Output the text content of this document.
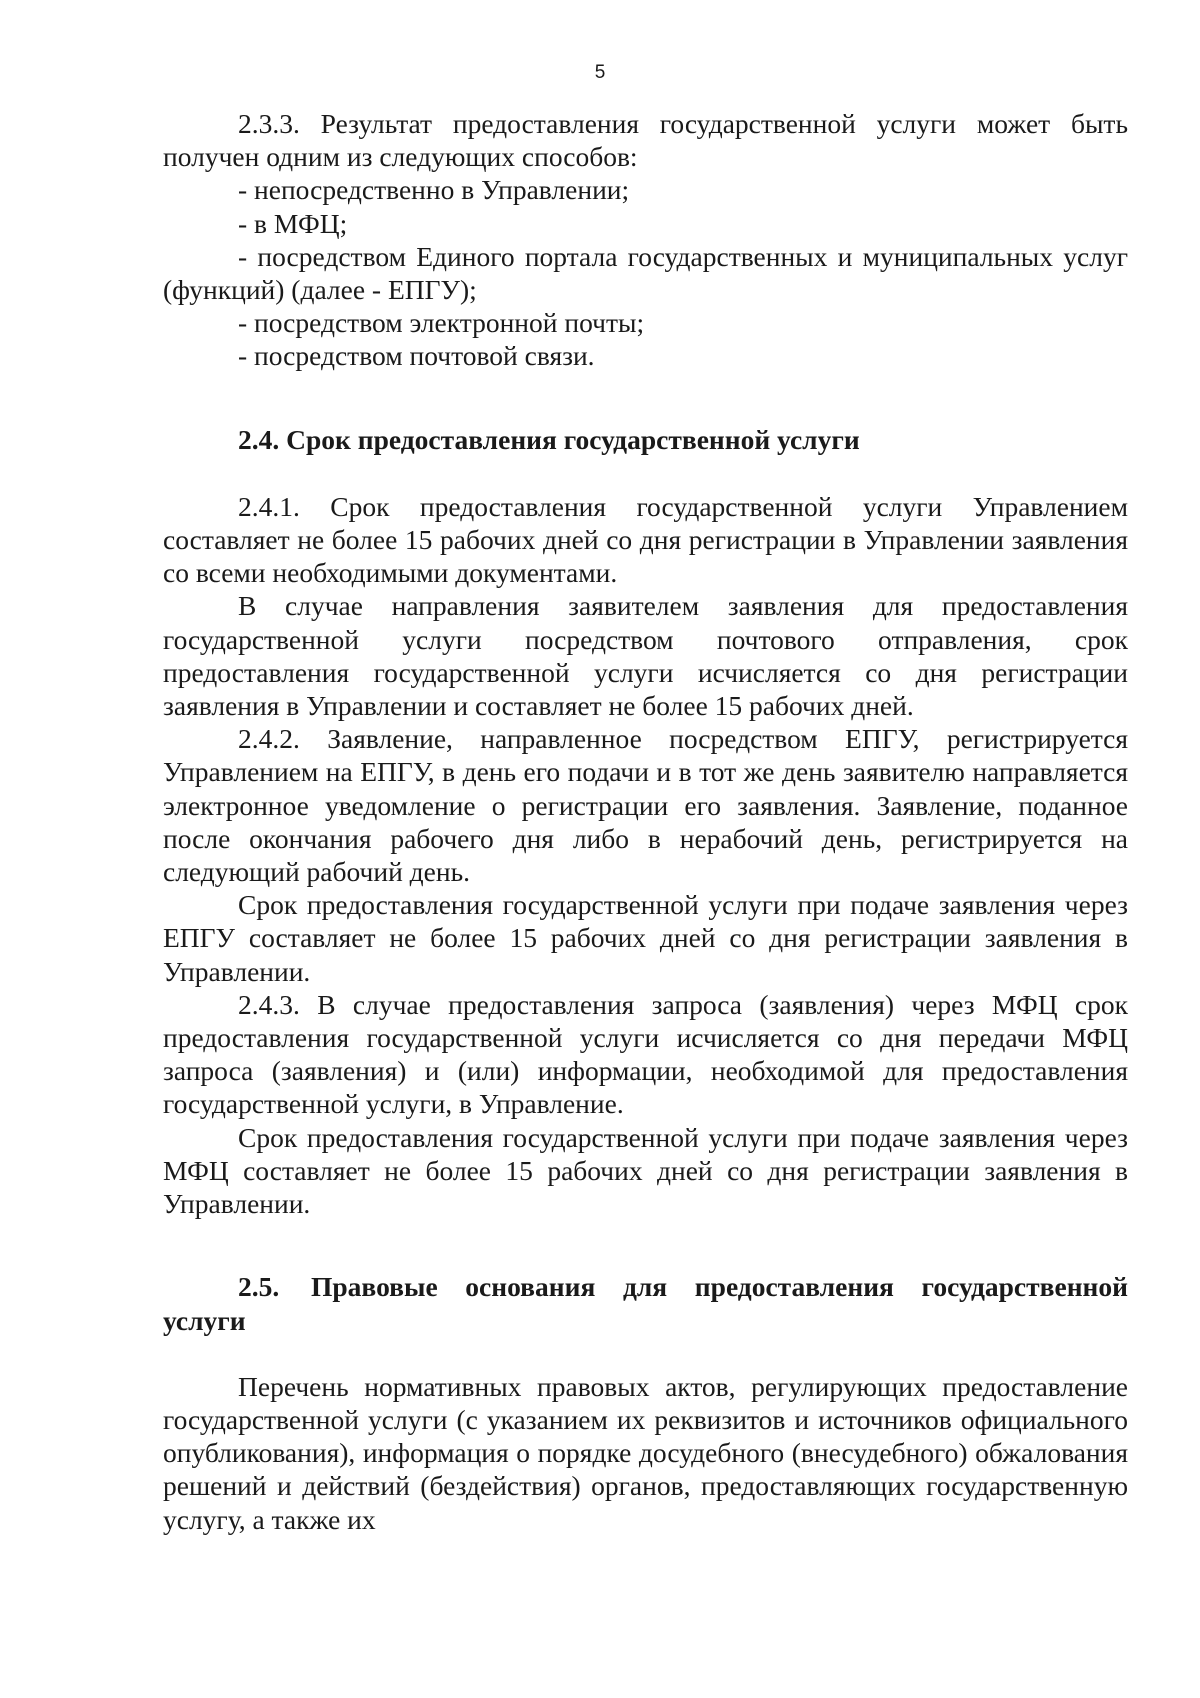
5

2.3.3. Результат предоставления государственной услуги может быть получен одним из следующих способов:

- непосредственно в Управлении;

- в МФЦ;

- посредством Единого портала государственных и муниципальных услуг (функций) (далее - ЕПГУ);

- посредством электронной почты;

- посредством почтовой связи.

2.4. Срок предоставления государственной услуги

2.4.1. Срок предоставления государственной услуги Управлением составляет не более 15 рабочих дней со дня регистрации в Управлении заявления со всеми необходимыми документами.

В случае направления заявителем заявления для предоставления государственной услуги посредством почтового отправления, срок предоставления государственной услуги исчисляется со дня регистрации заявления в Управлении и составляет не более 15 рабочих дней.

2.4.2. Заявление, направленное посредством ЕПГУ, регистрируется Управлением на ЕПГУ, в день его подачи и в тот же день заявителю направляется электронное уведомление о регистрации его заявления. Заявление, поданное после окончания рабочего дня либо в нерабочий день, регистрируется на следующий рабочий день.

Срок предоставления государственной услуги при подаче заявления через ЕПГУ составляет не более 15 рабочих дней со дня регистрации заявления в Управлении.

2.4.3. В случае предоставления запроса (заявления) через МФЦ срок предоставления государственной услуги исчисляется со дня передачи МФЦ запроса (заявления) и (или) информации, необходимой для предоставления государственной услуги, в Управление.

Срок предоставления государственной услуги при подаче заявления через МФЦ составляет не более 15 рабочих дней со дня регистрации заявления в Управлении.

2.5. Правовые основания для предоставления государственной услуги

Перечень нормативных правовых актов, регулирующих предоставление государственной услуги (с указанием их реквизитов и источников официального опубликования), информация о порядке досудебного (внесудебного) обжалования решений и действий (бездействия) органов, предоставляющих государственную услугу, а также их
